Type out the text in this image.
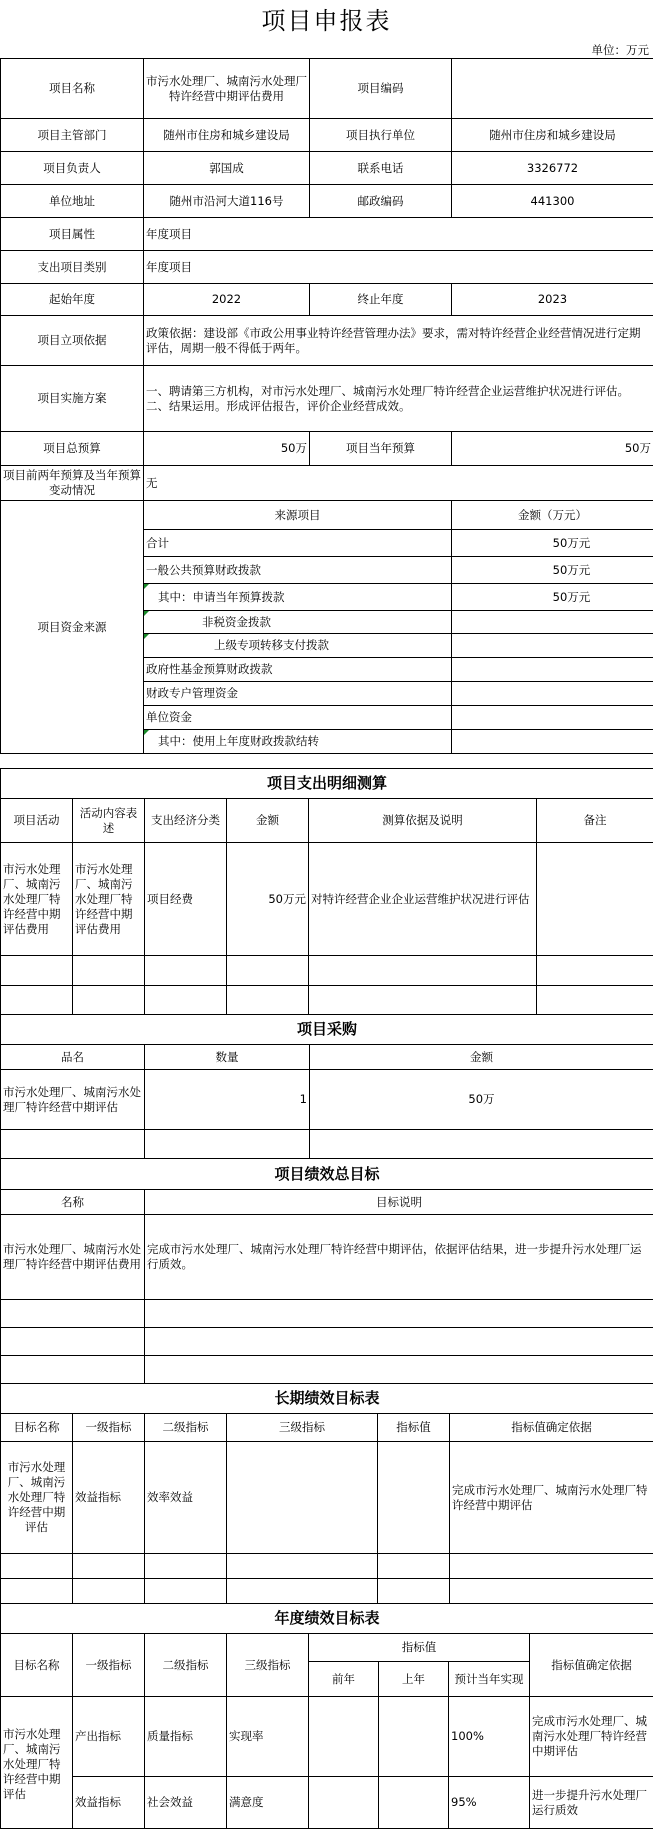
项目申报表
单位：万元
项目名称	市污水处理厂、城南污水处理厂特许经营中期评估费用	项目编码	
项目主管部门	随州市住房和城乡建设局	项目执行单位	随州市住房和城乡建设局
项目负责人	郭国成	联系电话	3326772
单位地址	随州市沿河大道116号	邮政编码	441300
项目属性	年度项目		
支出项目类别	年度项目		
起始年度	2022	终止年度	2023
项目立项依据	政策依据：建设部《市政公用事业特许经营管理办法》要求，需对特许经营企业经营情况进行定期评估，周期一般不得低于两年。		
项目实施方案	一、聘请第三方机构，对市污水处理厂、城南污水处理厂特许经营企业运营维护状况进行评估。
二、结果运用。形成评估报告，评价企业经营成效。		

项目总预算	50万	项目当年预算	50万
项目前两年预算及当年预算变动情况	无		
项目资金来源	来源项目		金额（万元）
	合计		50万元
	一般公共预算财政拨款		50万元
	其中：申请当年预算拨款		50万元
	非税资金拨款		
	上级专项转移支付拨款		
	政府性基金预算财政拨款		
	财政专户管理资金		
	单位资金		
	其中：使用上年度财政拨款结转		
项目支出明细测算					
项目活动	活动内容表述	支出经济分类	金额	测算依据及说明	备注
市污水处理厂、城南污水处理厂特许经营中期评估费用	市污水处理厂、城南污水处理厂特许经营中期评估费用	项目经费	50万元	对特许经营企业企业运营维护状况进行评估	

项目采购		
品名	数量	金额
市污水处理厂、城南污水处理厂特许经营中期评估	1	50万

项目绩效总目标	
名称	目标说明
市污水处理厂、城南污水处理厂特许经营中期评估费用	完成市污水处理厂、城南污水处理厂特许经营中期评估，依据评估结果，进一步提升污水处理厂运行质效。

长期绩效目标表					
目标名称	一级指标	二级指标	三级指标	指标值	指标值确定依据
市污水处理厂、城南污水处理厂特许经营中期评估	效益指标	效率效益			完成市污水处理厂、城南污水处理厂特许经营中期评估

年度绩效目标表							
目标名称	一级指标	二级指标	三级指标	指标值			指标值确定依据
				前年	上年	预计当年实现	
市污水处理厂、城南污水处理厂特许经营中期评估	产出指标	质量指标	实现率			100%	完成市污水处理厂、城南污水处理厂特许经营中期评估
	效益指标	社会效益	满意度			95%	进一步提升污水处理厂运行质效
